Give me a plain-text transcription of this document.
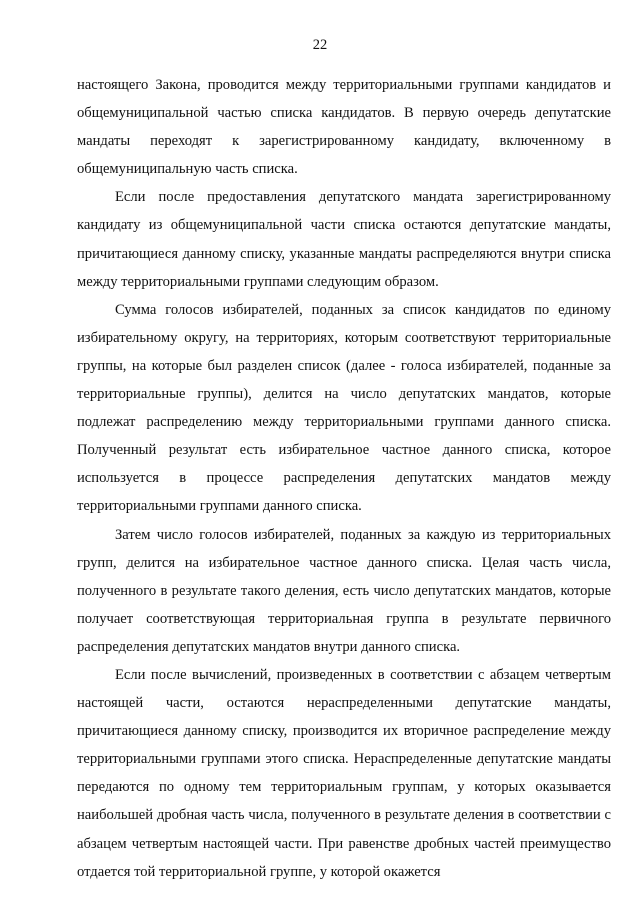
22

настоящего Закона, проводится между территориальными группами кандидатов и общемуниципальной частью списка кандидатов. В первую очередь депутатские мандаты переходят к зарегистрированному кандидату, включенному в общемуниципальную часть списка.

Если после предоставления депутатского мандата зарегистрированному кандидату из общемуниципальной части списка остаются депутатские мандаты, причитающиеся данному списку, указанные мандаты распределяются внутри списка между территориальными группами следующим образом.

Сумма голосов избирателей, поданных за список кандидатов по единому избирательному округу, на территориях, которым соответствуют территориальные группы, на которые был разделен список (далее - голоса избирателей, поданные за территориальные группы), делится на число депутатских мандатов, которые подлежат распределению между территориальными группами данного списка. Полученный результат есть избирательное частное данного списка, которое используется в процессе распределения депутатских мандатов между территориальными группами данного списка.

Затем число голосов избирателей, поданных за каждую из территориальных групп, делится на избирательное частное данного списка. Целая часть числа, полученного в результате такого деления, есть число депутатских мандатов, которые получает соответствующая территориальная группа в результате первичного распределения депутатских мандатов внутри данного списка.

Если после вычислений, произведенных в соответствии с абзацем четвертым настоящей части, остаются нераспределенными депутатские мандаты, причитающиеся данному списку, производится их вторичное распределение между территориальными группами этого списка. Нераспределенные депутатские мандаты передаются по одному тем территориальным группам, у которых оказывается наибольшей дробная часть числа, полученного в результате деления в соответствии с абзацем четвертым настоящей части. При равенстве дробных частей преимущество отдается той территориальной группе, у которой окажется
